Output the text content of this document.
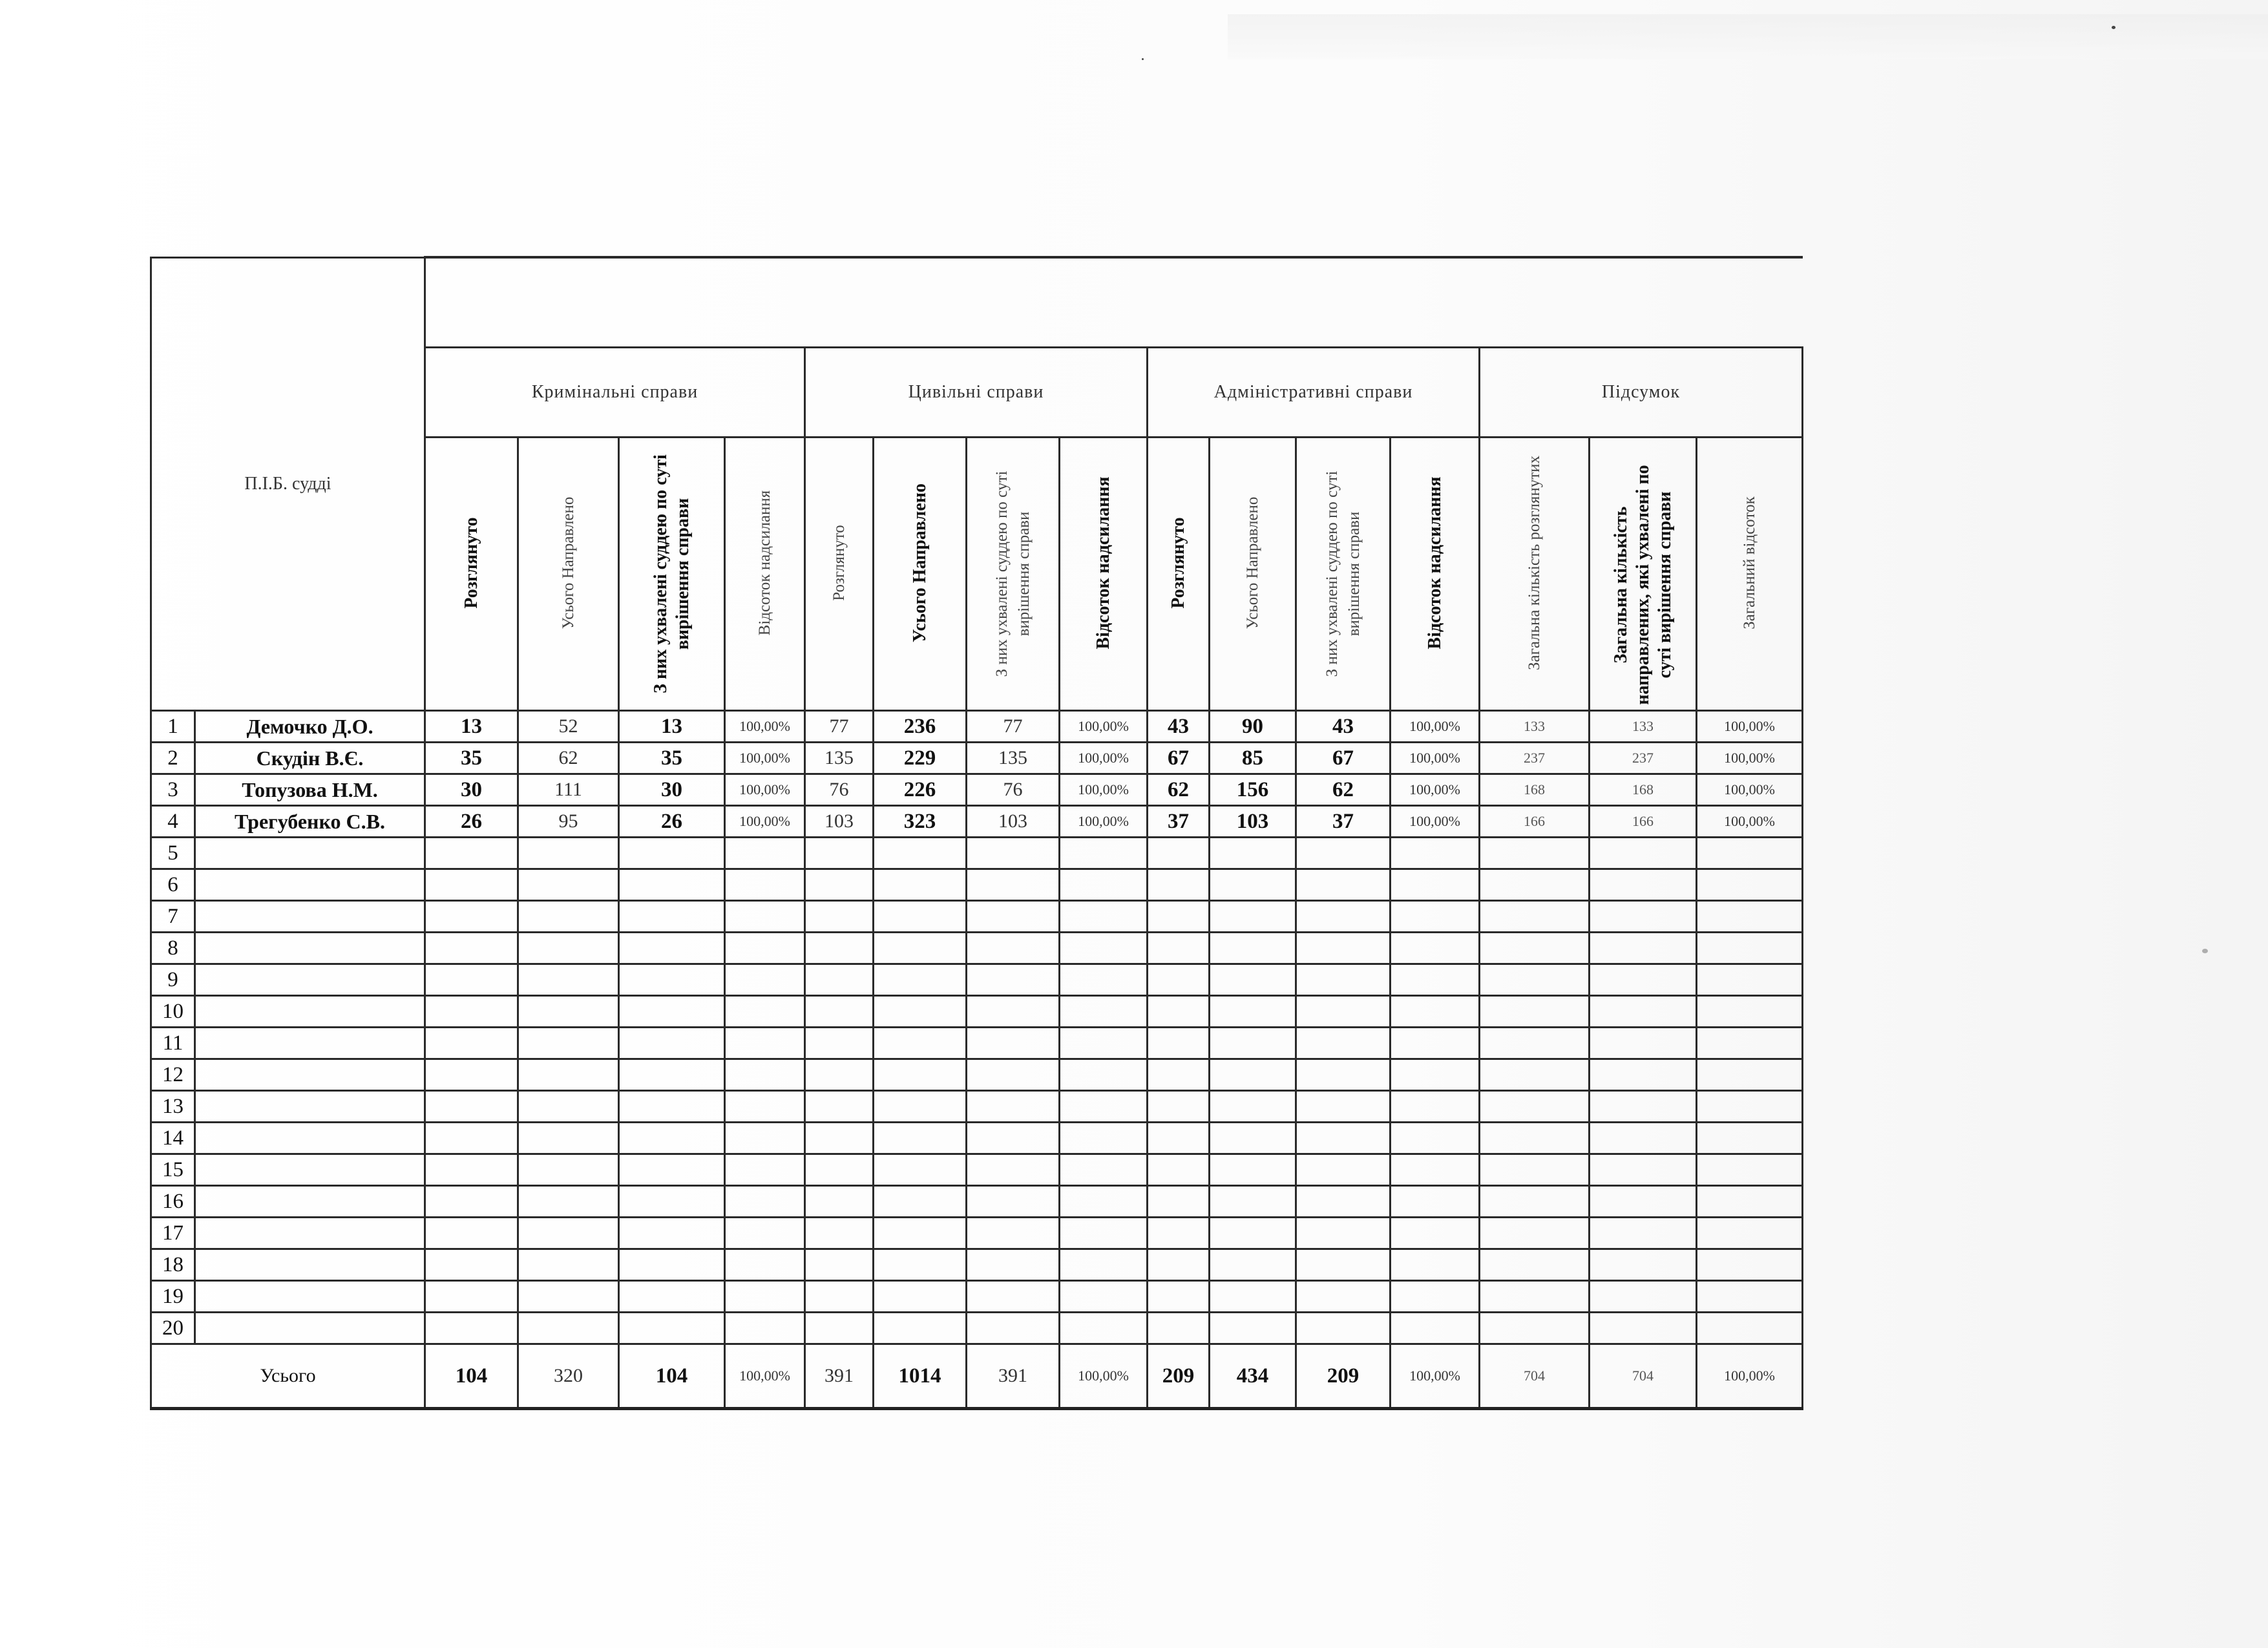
П.І.Б. судді																
		Кримінальні справи				Цивільні справи				Адміністративні справи				Підсумок		

		Розглянуто	Усього Направлено	З них ухвалені суддею по суті вирішення справи	Відсоток надсилання	Розглянуто	Усього Направлено	З них ухвалені суддею по суті вирішення справи	Відсоток надсилання	Розглянуто	Усього Направлено	З них ухвалені суддею по суті вирішення справи	Відсоток надсилання	Загальна кількість розглянутих	Загальна кількість направлених, які ухвалені по суті вирішення справи	Загальний відсоток

1	Демочко Д.О.	13	52	13	100,00%	77	236	77	100,00%	43	90	43	100,00%	133	133	100,00%
2	Скудін В.Є.	35	62	35	100,00%	135	229	135	100,00%	67	85	67	100,00%	237	237	100,00%
3	Топузова Н.М.	30	111	30	100,00%	76	226	76	100,00%	62	156	62	100,00%	168	168	100,00%
4	Трегубенко С.В.	26	95	26	100,00%	103	323	103	100,00%	37	103	37	100,00%	166	166	100,00%
5																
6																
7																
8																
9																
10																
11																
12																
13																
14																
15																
16																
17																
18																
19																
20																
Усього		104	320	104	100,00%	391	1014	391	100,00%	209	434	209	100,00%	704	704	100,00%
